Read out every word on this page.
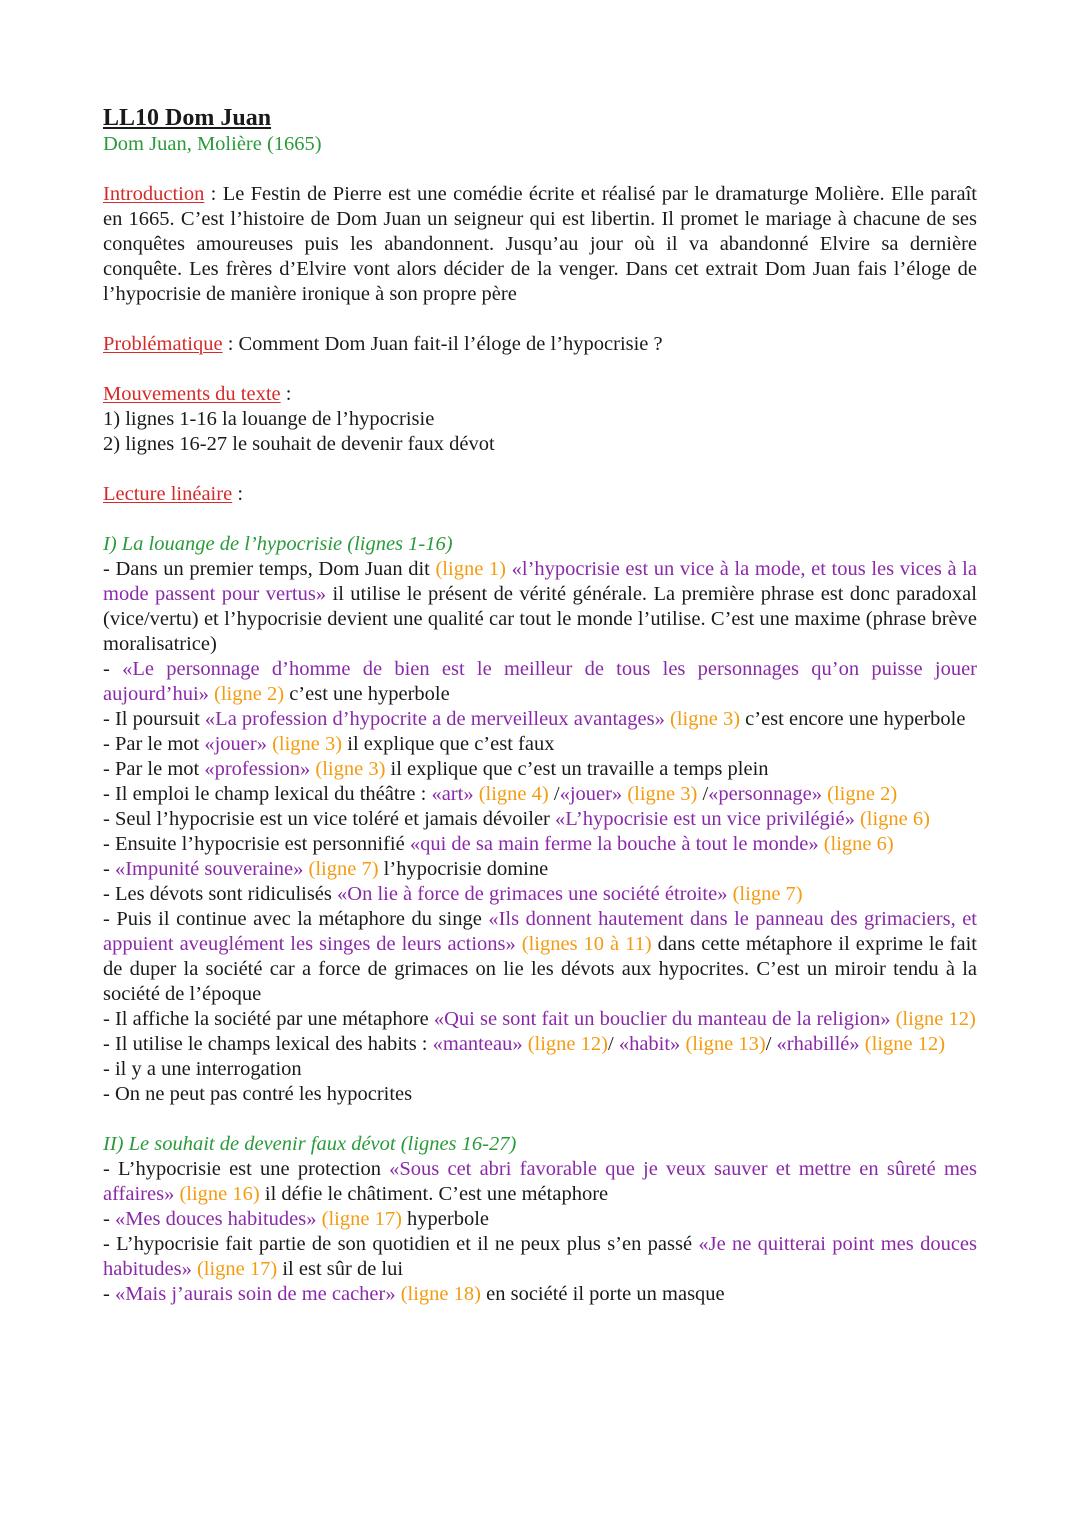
LL10 Dom Juan
Dom Juan, Molière (1665)

Introduction : Le Festin de Pierre est une comédie écrite et réalisé par le dramaturge Molière. Elle paraît en 1665. C’est l’histoire de Dom Juan un seigneur qui est libertin. Il promet le mariage à chacune de ses conquêtes amoureuses puis les abandonnent. Jusqu’au jour où il va abandonné Elvire sa dernière conquête. Les frères d’Elvire vont alors décider de la venger. Dans cet extrait Dom Juan fais l’éloge de l’hypocrisie de manière ironique à son propre père

Problématique : Comment Dom Juan fait-il l’éloge de l’hypocrisie ?

Mouvements du texte :

1) lignes 1-16 la louange de l’hypocrisie

2) lignes 16-27 le souhait de devenir faux dévot

Lecture linéaire :

I) La louange de l’hypocrisie (lignes 1-16)

- Dans un premier temps, Dom Juan dit (ligne 1) «l’hypocrisie est un vice à la mode, et tous les vices à la mode passent pour vertus» il utilise le présent de vérité générale. La première phrase est donc paradoxal (vice/vertu) et l’hypocrisie devient une qualité car tout le monde l’utilise. C’est une maxime (phrase brève moralisatrice)

- «Le personnage d’homme de bien est le meilleur de tous les personnages qu’on puisse jouer aujourd’hui» (ligne 2) c’est une hyperbole

- Il poursuit «La profession d’hypocrite a de merveilleux avantages» (ligne 3) c’est encore une hyperbole

- Par le mot «jouer» (ligne 3) il explique que c’est faux

- Par le mot «profession» (ligne 3) il explique que c’est un travaille a temps plein

- Il emploi le champ lexical du théâtre : «art» (ligne 4) /«jouer» (ligne 3) /«personnage» (ligne 2)

- Seul l’hypocrisie est un vice toléré et jamais dévoiler «L’hypocrisie est un vice privilégié» (ligne 6)

- Ensuite l’hypocrisie est personnifié «qui de sa main ferme la bouche à tout le monde» (ligne 6)

- «Impunité souveraine» (ligne 7) l’hypocrisie domine

- Les dévots sont ridiculisés «On lie à force de grimaces une société étroite» (ligne 7)

- Puis il continue avec la métaphore du singe «Ils donnent hautement dans le panneau des grimaciers, et appuient aveuglément les singes de leurs actions» (lignes 10 à 11) dans cette métaphore il exprime le fait de duper la société car a force de grimaces on lie les dévots aux hypocrites. C’est un miroir tendu à la société de l’époque

- Il affiche la société par une métaphore «Qui se sont fait un bouclier du manteau de la religion» (ligne 12)

- Il utilise le champs lexical des habits : «manteau» (ligne 12)/ «habit» (ligne 13)/ «rhabillé» (ligne 12)

- il y a une interrogation

- On ne peut pas contré les hypocrites

II) Le souhait de devenir faux dévot (lignes 16-27)

- L’hypocrisie est une protection «Sous cet abri favorable que je veux sauver et mettre en sûreté mes affaires» (ligne 16) il défie le châtiment. C’est une métaphore

- «Mes douces habitudes» (ligne 17) hyperbole

- L’hypocrisie fait partie de son quotidien et il ne peux plus s’en passé «Je ne quitterai point mes douces habitudes» (ligne 17) il est sûr de lui

- «Mais j’aurais soin de me cacher» (ligne 18) en société il porte un masque
